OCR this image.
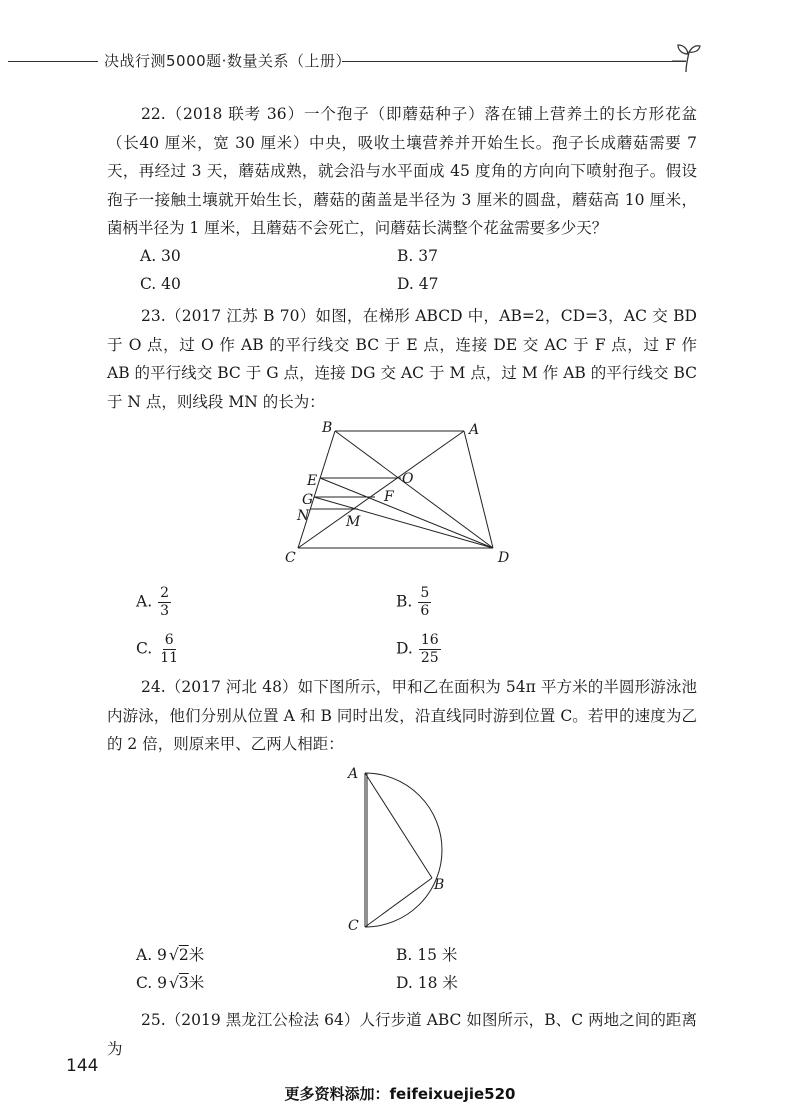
决战行测5000题·数量关系（上册）
22.（2018 联考 36）一个孢子（即蘑菇种子）落在铺上营养土的长方形花盆（长40 厘米，宽 30 厘米）中央，吸收土壤营养并开始生长。孢子长成蘑菇需要 7 天，再经过 3 天，蘑菇成熟，就会沿与水平面成 45 度角的方向向下喷射孢子。假设孢子一接触土壤就开始生长，蘑菇的菌盖是半径为 3 厘米的圆盘，蘑菇高 10 厘米，菌柄半径为 1 厘米，且蘑菇不会死亡，问蘑菇长满整个花盆需要多少天？
A. 30	B. 37
C. 40	D. 47
23.（2017 江苏 B 70）如图，在梯形 ABCD 中，AB=2，CD=3，AC 交 BD 于 O 点，过 O 作 AB 的平行线交 BC 于 E 点，连接 DE 交 AC 于 F 点，过 F 作 AB 的平行线交 BC 于 G 点，连接 DG 交 AC 于 M 点，过 M 作 AB 的平行线交 BC 于 N 点，则线段 MN 的长为：
B	A
E	O
G	F
N	M
C	D
A. $\frac{2}{3}$	B. $\frac{5}{6}$
C. $\frac{6}{11}$	D. $\frac{16}{25}$
24.（2017 河北 48）如下图所示，甲和乙在面积为 54π 平方米的半圆形游泳池内游泳，他们分别从位置 A 和 B 同时出发，沿直线同时游到位置 C。若甲的速度为乙的 2 倍，则原来甲、乙两人相距：
A
B
C
A. 9 √2米	B. 15 米
C. 9 √3米	D. 18 米
25.（2019 黑龙江公检法 64）人行步道 ABC 如图所示，B、C 两地之间的距离为
144
更多资料添加：feifeixuejie520
